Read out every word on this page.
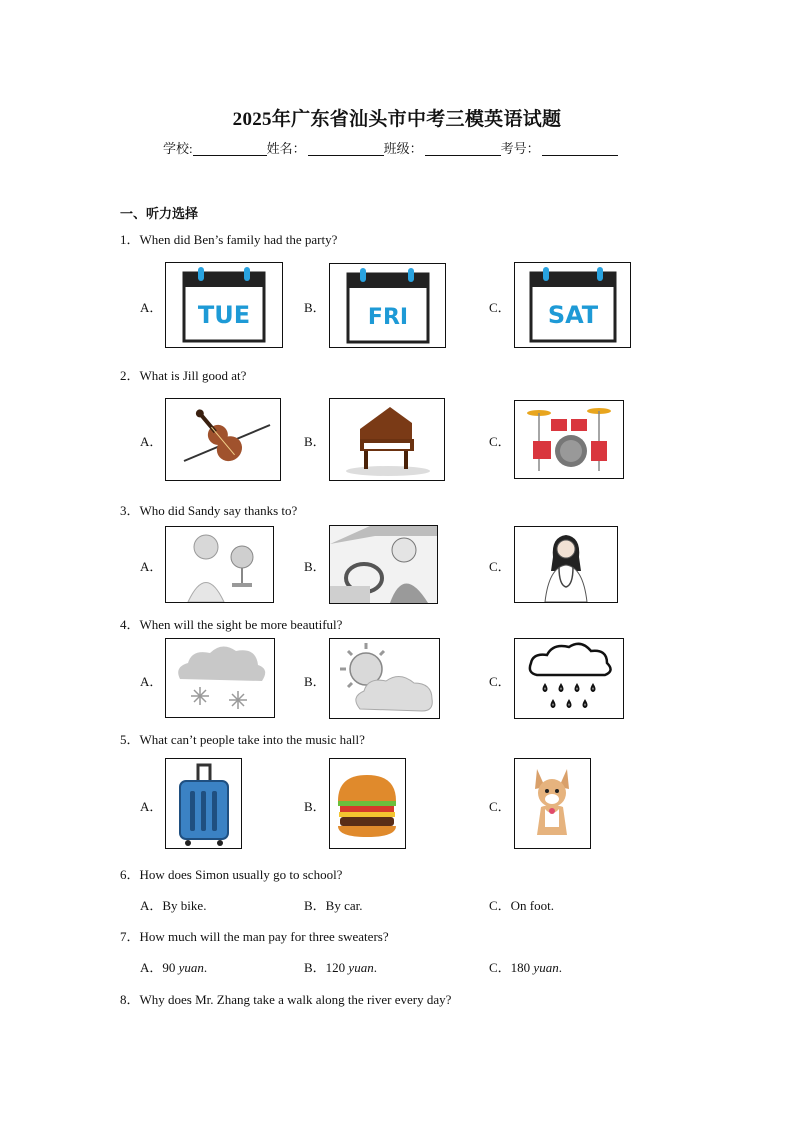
2025年广东省汕头市中考三模英语试题
学校:	姓名：	班级：	考号：
一、听力选择
1．When did Ben’s family had the party?
A．	B．	C．
TUE	FRI	SAT
2．What is Jill good at?
A．	B．	C．
3．Who did Sandy say thanks to?
A．	B．	C．
4．When will the sight be more beautiful?
A．	B．	C．
5．What can’t people take into the music hall?
A．	B．	C．
6．How does Simon usually go to school?
A．By bike.	B．By car.	C．On foot.
7．How much will the man pay for three sweaters?
A．90 yuan.	B．120 yuan.	C．180 yuan.
8．Why does Mr. Zhang take a walk along the river every day?
